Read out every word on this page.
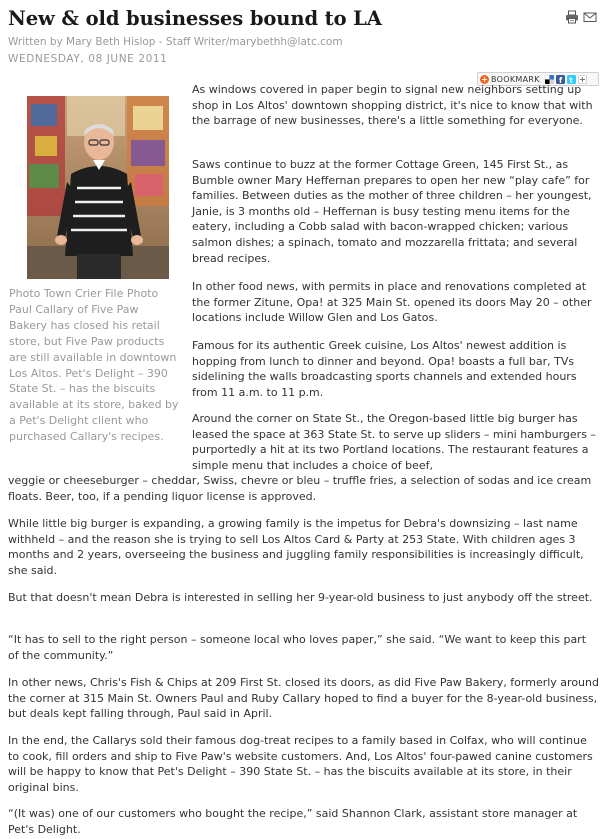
New & old businesses bound to LA
Written by Mary Beth Hislop - Staff Writer/marybethh@latc.com
WEDNESDAY, 08 JUNE 2011
+ BOOKMARK	f t

Photo Town Crier File Photo Paul Callary of Five Paw Bakery has closed his retail store, but Five Paw products are still available in downtown Los Altos. Pet's Delight – 390 State St. – has the biscuits available at its store, baked by a Pet's Delight client who purchased Callary's recipes.

As windows covered in paper begin to signal new neighbors setting up shop in Los Altos' downtown shopping district, it's nice to know that with the barrage of new businesses, there's a little something for everyone.

Saws continue to buzz at the former Cottage Green, 145 First St., as Bumble owner Mary Heffernan prepares to open her new “play cafe” for families. Between duties as the mother of three children – her youngest, Janie, is 3 months old – Heffernan is busy testing menu items for the eatery, including a Cobb salad with bacon-wrapped chicken; various salmon dishes; a spinach, tomato and mozzarella frittata; and several bread recipes.

In other food news, with permits in place and renovations completed at the former Zitune, Opa! at 325 Main St. opened its doors May 20 – other locations include Willow Glen and Los Gatos.

Famous for its authentic Greek cuisine, Los Altos' newest addition is hopping from lunch to dinner and beyond. Opa! boasts a full bar, TVs sidelining the walls broadcasting sports channels and extended hours from 11 a.m. to 11 p.m.

Around the corner on State St., the Oregon-based little big burger has leased the space at 363 State St. to serve up sliders – mini hamburgers – purportedly a hit at its two Portland locations. The restaurant features a simple menu that includes a choice of beef,

veggie or cheeseburger – cheddar, Swiss, chevre or bleu – truffle fries, a selection of sodas and ice cream floats. Beer, too, if a pending liquor license is approved.

While little big burger is expanding, a growing family is the impetus for Debra's downsizing – last name withheld – and the reason she is trying to sell Los Altos Card & Party at 253 State. With children ages 3 months and 2 years, overseeing the business and juggling family responsibilities is increasingly difficult, she said.

But that doesn't mean Debra is interested in selling her 9-year-old business to just anybody off the street.

“It has to sell to the right person – someone local who loves paper,” she said. “We want to keep this part of the community.”

In other news, Chris's Fish & Chips at 209 First St. closed its doors, as did Five Paw Bakery, formerly around the corner at 315 Main St. Owners Paul and Ruby Callary hoped to find a buyer for the 8-year-old business, but deals kept falling through, Paul said in April.

In the end, the Callarys sold their famous dog-treat recipes to a family based in Colfax, who will continue to cook, fill orders and ship to Five Paw's website customers. And, Los Altos' four-pawed canine customers will be happy to know that Pet's Delight – 390 State St. – has the biscuits available at its store, in their original bins.

“(It was) one of our customers who bought the recipe,” said Shannon Clark, assistant store manager at Pet's Delight.
